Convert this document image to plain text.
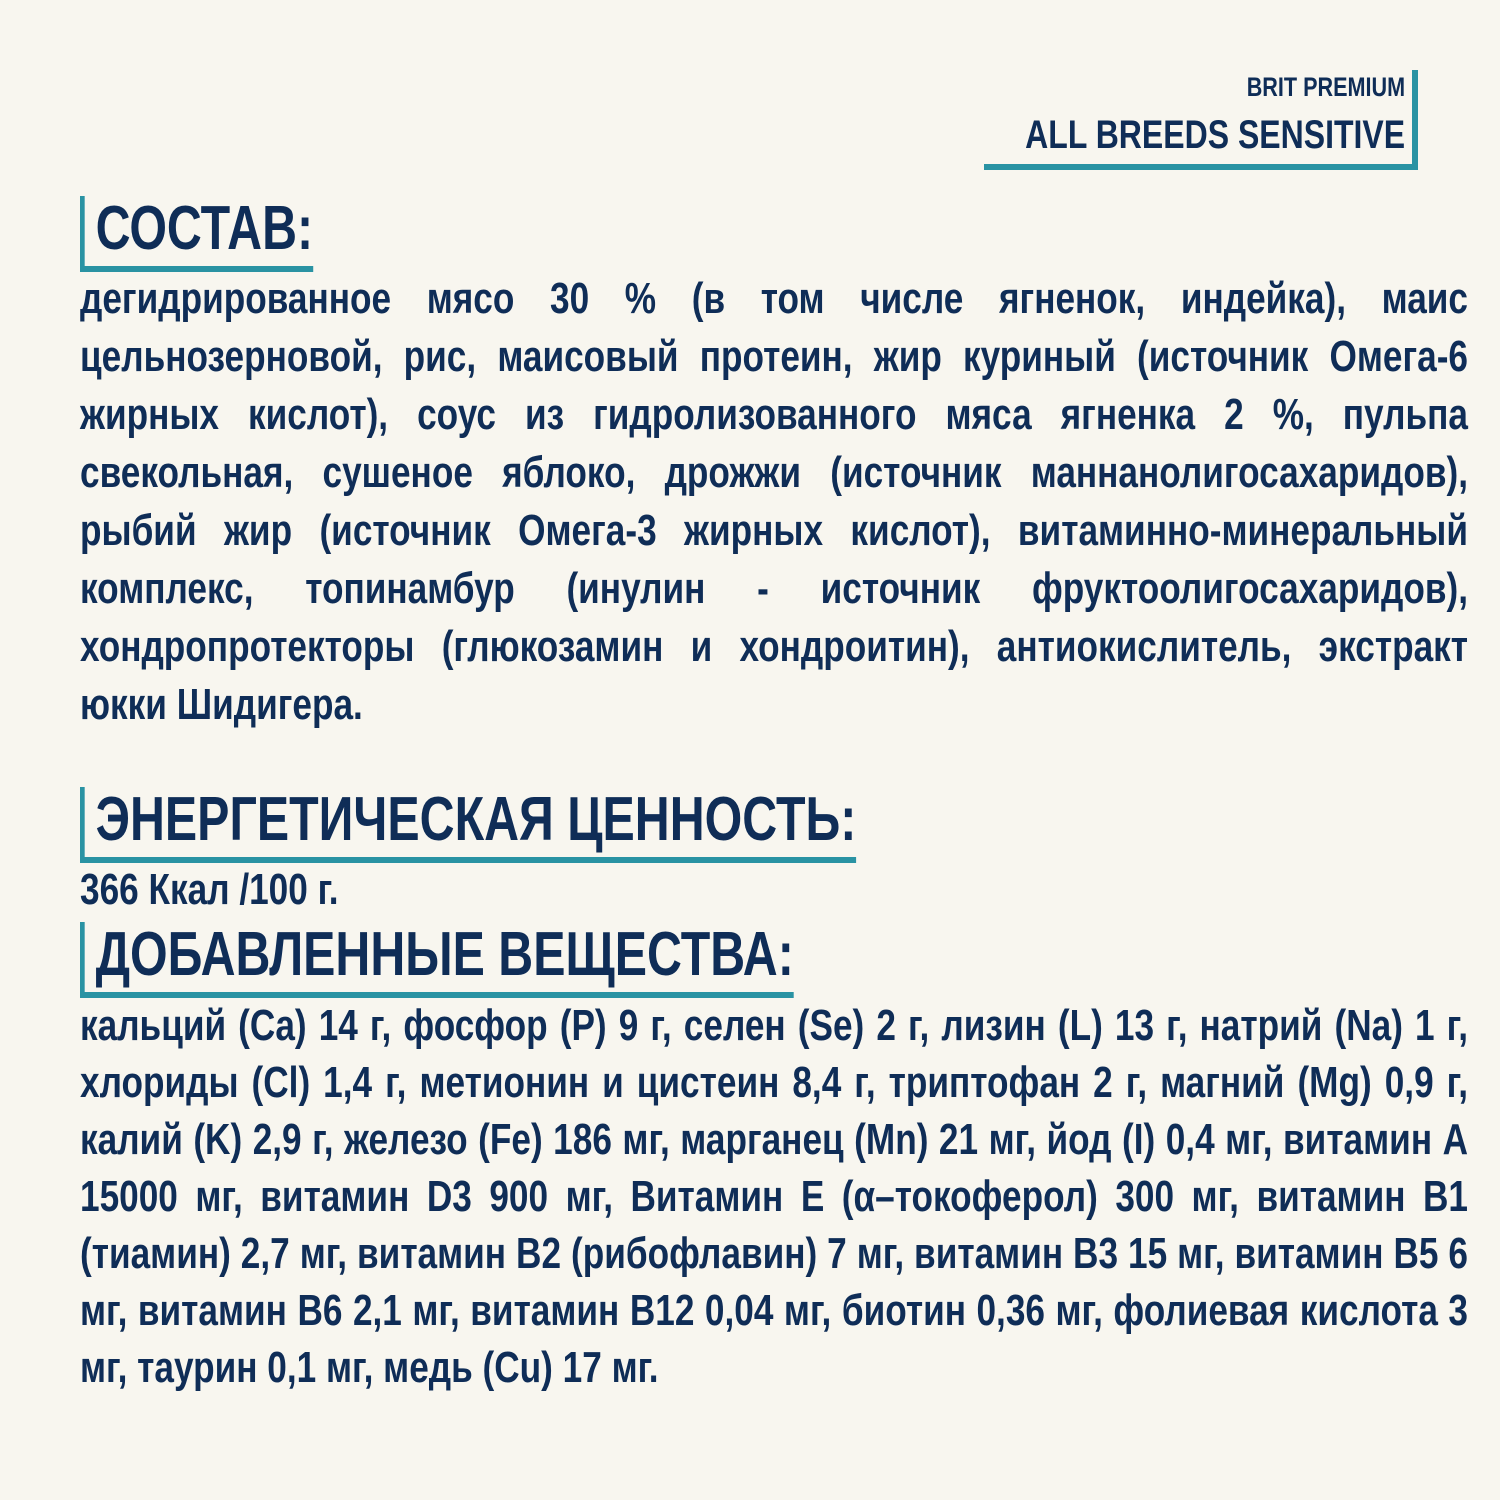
BRIT PREMIUM
ALL BREEDS SENSITIVE
СОСТАВ:

дегидрированное мясо 30 % (в том числе ягненок, индейка), маис цельнозерновой, рис, маисовый протеин, жир куриный (источник Омега-6 жирных кислот), соус из гидролизованного мяса ягненка 2 %, пульпа свекольная, сушеное яблоко, дрожжи (источник маннанолигосахаридов), рыбий жир (источник Омега-3 жирных кислот), витаминно-минеральный комплекс, топинамбур (инулин - источник фруктоолигосахаридов), хондропротекторы (глюкозамин и хондроитин), антиокислитель, экстракт юкки Шидигера.

ЭНЕРГЕТИЧЕСКАЯ ЦЕННОСТЬ:

366 Ккал /100 г.

ДОБАВЛЕННЫЕ ВЕЩЕСТВА:

кальций (Ca) 14 г, фосфор (P) 9 г, селен (Se) 2 г, лизин (L) 13 г, натрий (Na) 1 г, хлориды (Cl) 1,4 г, метионин и цистеин 8,4 г, триптофан 2 г, магний (Mg) 0,9 г, калий (K) 2,9 г, железо (Fe) 186 мг, марганец (Mn) 21 мг, йод (I) 0,4 мг, витамин А 15000 мг, витамин D3 900 мг, Витамин Е (α–токоферол) 300 мг, витамин В1 (тиамин) 2,7 мг, витамин В2 (рибофлавин) 7 мг, витамин В3 15 мг, витамин В5 6 мг, витамин В6 2,1 мг, витамин В12 0,04 мг, биотин 0,36 мг, фолиевая кислота 3 мг, таурин 0,1 мг, медь (Cu) 17 мг.
